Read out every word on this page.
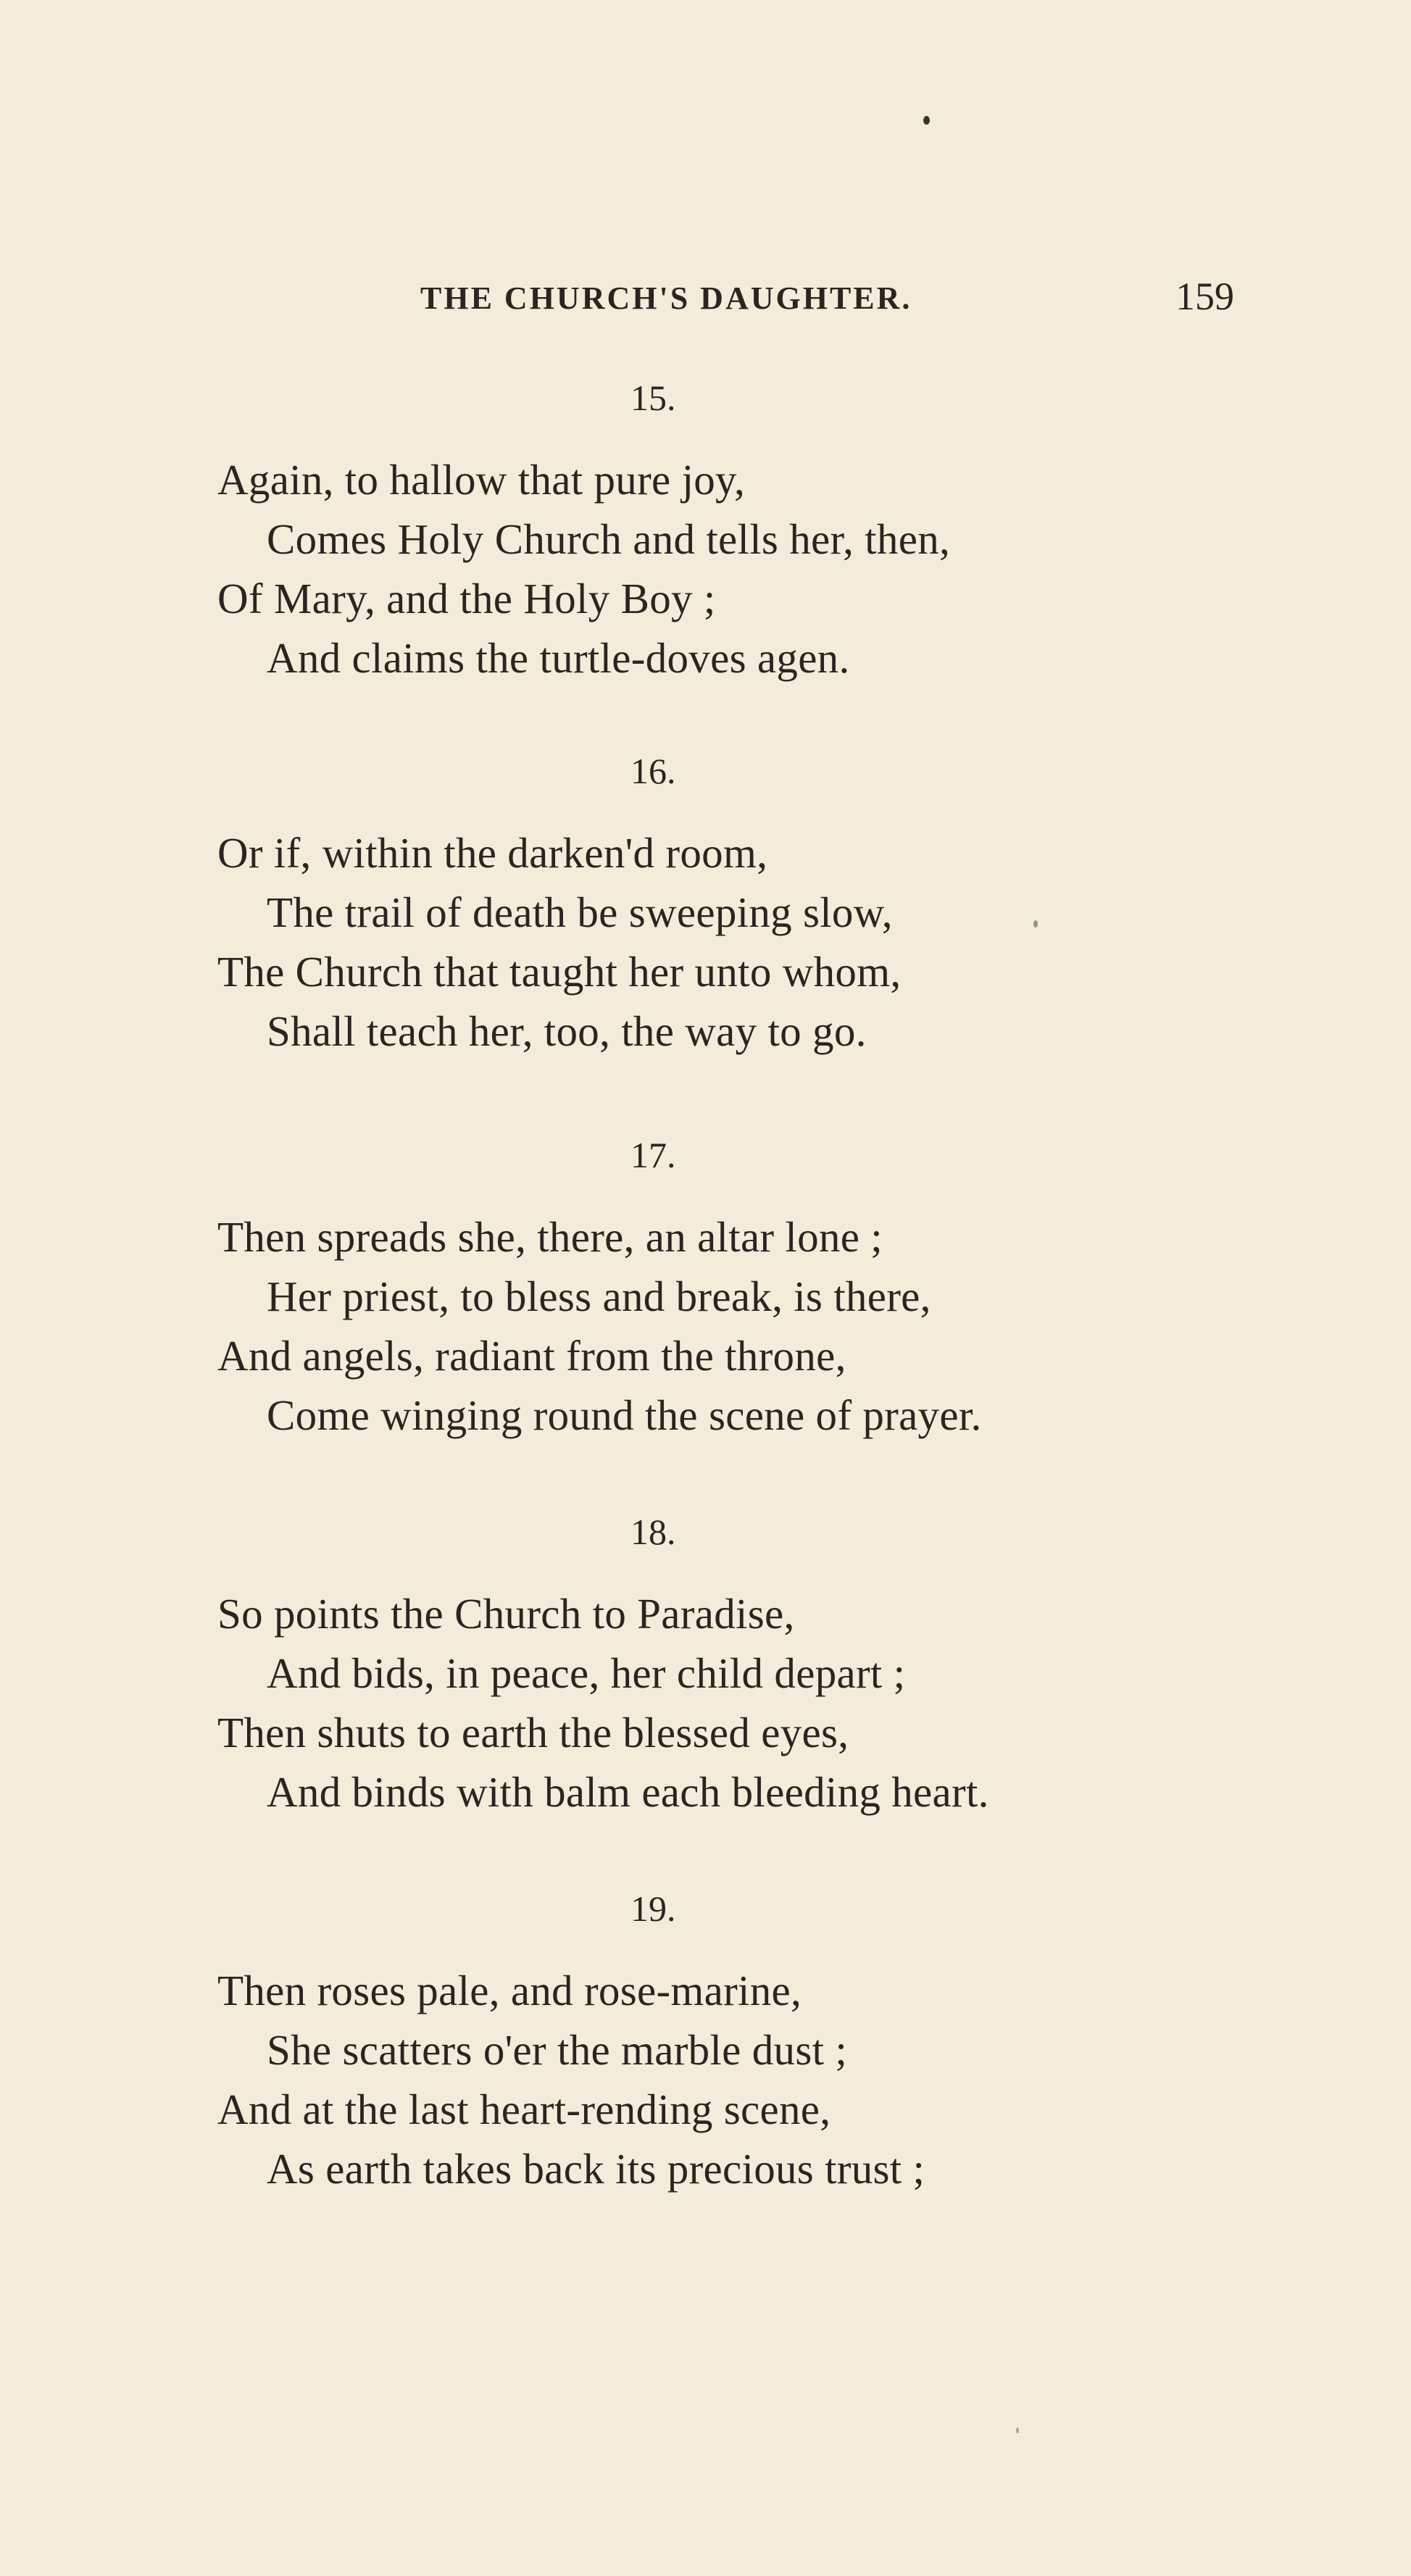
THE CHURCH'S DAUGHTER.	159
15.
Again, to hallow that pure joy,
Comes Holy Church and tells her, then,
Of Mary, and the Holy Boy ;
And claims the turtle-doves agen.
16.
Or if, within the darken'd room,
The trail of death be sweeping slow,
The Church that taught her unto whom,
Shall teach her, too, the way to go.
17.
Then spreads she, there, an altar lone ;
Her priest, to bless and break, is there,
And angels, radiant from the throne,
Come winging round the scene of prayer.
18.
So points the Church to Paradise,
And bids, in peace, her child depart ;
Then shuts to earth the blessed eyes,
And binds with balm each bleeding heart.
19.
Then roses pale, and rose-marine,
She scatters o'er the marble dust ;
And at the last heart-rending scene,
As earth takes back its precious trust ;
